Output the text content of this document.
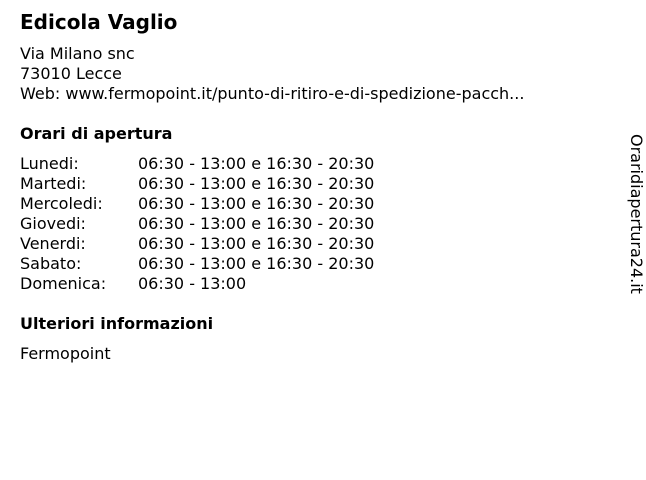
Edicola Vaglio
Via Milano snc
73010 Lecce
Web: www.fermopoint.it/punto-di-ritiro-e-di-spedizione-pacch...
Orari di apertura
Lunedi:	06:30 - 13:00 e 16:30 - 20:30
Martedi:	06:30 - 13:00 e 16:30 - 20:30
Mercoledi:	06:30 - 13:00 e 16:30 - 20:30
Giovedi:	06:30 - 13:00 e 16:30 - 20:30
Venerdi:	06:30 - 13:00 e 16:30 - 20:30
Sabato:	06:30 - 13:00 e 16:30 - 20:30
Domenica:	06:30 - 13:00
Ulteriori informazioni
Fermopoint
Oraridiapertura24.it
